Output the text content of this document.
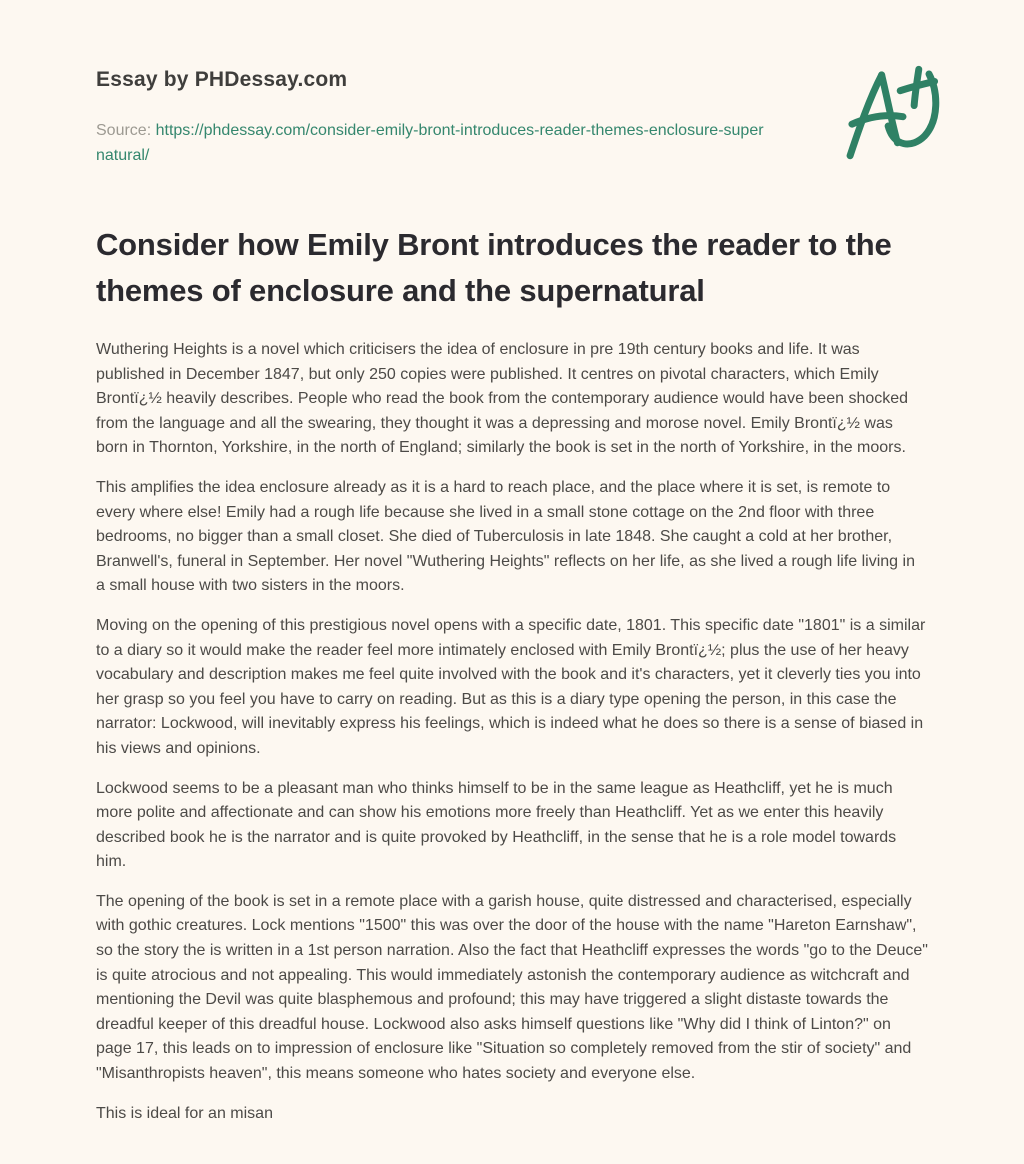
Essay by PHDessay.com

Source: https://phdessay.com/consider-emily-bront-introduces-reader-themes-enclosure-supernatural/

Consider how Emily Bront introduces the reader to the themes of enclosure and the supernatural

Wuthering Heights is a novel which criticisers the idea of enclosure in pre 19th century books and life. It was published in December 1847, but only 250 copies were published. It centres on pivotal characters, which Emily Brontï¿½ heavily describes. People who read the book from the contemporary audience would have been shocked from the language and all the swearing, they thought it was a depressing and morose novel. Emily Brontï¿½ was born in Thornton, Yorkshire, in the north of England; similarly the book is set in the north of Yorkshire, in the moors.

This amplifies the idea enclosure already as it is a hard to reach place, and the place where it is set, is remote to every where else! Emily had a rough life because she lived in a small stone cottage on the 2nd floor with three bedrooms, no bigger than a small closet. She died of Tuberculosis in late 1848. She caught a cold at her brother, Branwell's, funeral in September. Her novel "Wuthering Heights" reflects on her life, as she lived a rough life living in a small house with two sisters in the moors.

Moving on the opening of this prestigious novel opens with a specific date, 1801. This specific date "1801" is a similar to a diary so it would make the reader feel more intimately enclosed with Emily Brontï¿½; plus the use of her heavy vocabulary and description makes me feel quite involved with the book and it's characters, yet it cleverly ties you into her grasp so you feel you have to carry on reading. But as this is a diary type opening the person, in this case the narrator: Lockwood, will inevitably express his feelings, which is indeed what he does so there is a sense of biased in his views and opinions.

Lockwood seems to be a pleasant man who thinks himself to be in the same league as Heathcliff, yet he is much more polite and affectionate and can show his emotions more freely than Heathcliff. Yet as we enter this heavily described book he is the narrator and is quite provoked by Heathcliff, in the sense that he is a role model towards him.

The opening of the book is set in a remote place with a garish house, quite distressed and characterised, especially with gothic creatures. Lock mentions "1500" this was over the door of the house with the name "Hareton Earnshaw", so the story the is written in a 1st person narration. Also the fact that Heathcliff expresses the words "go to the Deuce" is quite atrocious and not appealing. This would immediately astonish the contemporary audience as witchcraft and mentioning the Devil was quite blasphemous and profound; this may have triggered a slight distaste towards the dreadful keeper of this dreadful house. Lockwood also asks himself questions like "Why did I think of Linton?" on page 17, this leads on to impression of enclosure like "Situation so completely removed from the stir of society" and "Misanthropists heaven", this means someone who hates society and everyone else.

This is ideal for an misan
